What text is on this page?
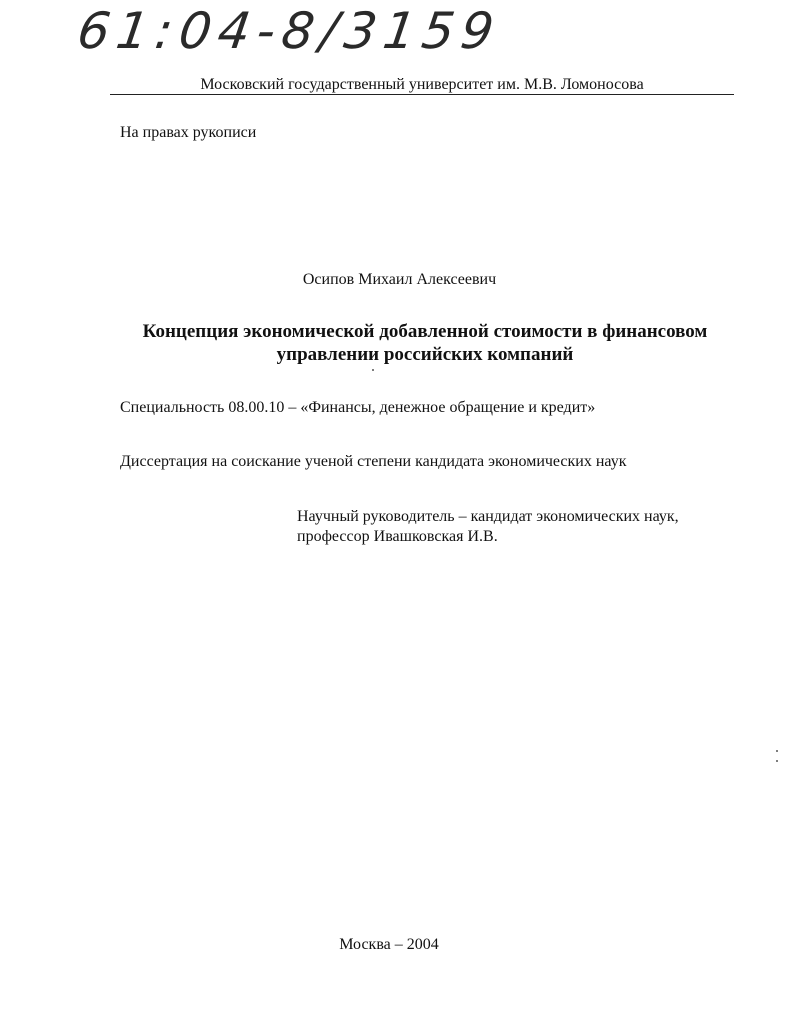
61:04-8/3159
Московский государственный университет им. М.В. Ломоносова
На правах рукописи
Осипов Михаил Алексеевич
Концепция экономической добавленной стоимости в финансовом
управлении российских компаний
Специальность 08.00.10 – «Финансы, денежное обращение и кредит»
Диссертация на соискание ученой степени кандидата экономических наук
Научный руководитель – кандидат экономических наук,
профессор Ивашковская И.В.
Москва – 2004
